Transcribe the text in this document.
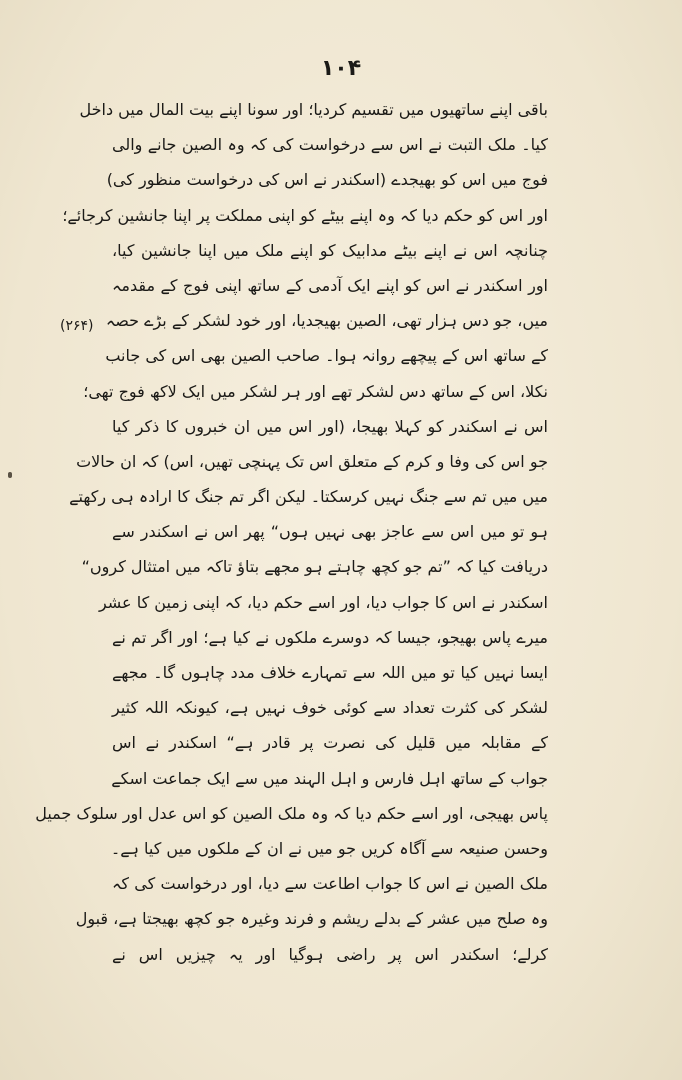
۱۰۴
(۲۶۴)
باقی اپنے ساتھیوں میں تقسیم کردیا؛ اور سونا اپنے بیت المال میں داخل
کیا۔ ملک التبت نے اس سے درخواست کی کہ وہ الصین جانے والی
فوج میں اس کو بھیجدے (اسکندر نے اس کی درخواست منظور کی)
اور اس کو حکم دیا کہ وہ اپنے بیٹے کو اپنی مملکت پر اپنا جانشین کرجائے؛
چنانچہ اس نے اپنے بیٹے مدابیک کو اپنے ملک میں اپنا جانشین کیا،
اور اسکندر نے اس کو اپنے ایک آدمی کے ساتھ اپنی فوج کے مقدمہ
میں، جو دس ہزار تھی، الصین بھیجدیا، اور خود لشکر کے بڑے حصہ
کے ساتھ اس کے پیچھے روانہ ہوا۔ صاحب الصین بھی اس کی جانب
نکلا، اس کے ساتھ دس لشکر تھے اور ہر لشکر میں ایک لاکھ فوج تھی؛
اس نے اسکندر کو کہلا بھیجا، (اور اس میں ان خبروں کا ذکر کیا
جو اس کی وفا و کرم کے متعلق اس تک پہنچی تھیں، اس) کہ ان حالات
میں میں تم سے جنگ نہیں کرسکتا۔ لیکن اگر تم جنگ کا ارادہ ہی رکھتے
ہو تو میں اس سے عاجز بھی نہیں ہوں“ پھر اس نے اسکندر سے
دریافت کیا کہ ”تم جو کچھ چاہتے ہو مجھے بتاؤ تاکہ میں امتثال کروں“
اسکندر نے اس کا جواب دیا، اور اسے حکم دیا، کہ اپنی زمین کا عشر
میرے پاس بھیجو، جیسا کہ دوسرے ملکوں نے کیا ہے؛ اور اگر تم نے
ایسا نہیں کیا تو میں اللہ سے تمہارے خلاف مدد چاہوں گا۔ مجھے
لشکر کی کثرت تعداد سے کوئی خوف نہیں ہے، کیونکہ اللہ کثیر
کے مقابلہ میں قلیل کی نصرت پر قادر ہے“ اسکندر نے اس
جواب کے ساتھ اہل فارس و اہل الہند میں سے ایک جماعت اسکے
پاس بھیجی، اور اسے حکم دیا کہ وہ ملک الصین کو اس عدل اور سلوک جمیل
وحسن صنیعہ سے آگاہ کریں جو میں نے ان کے ملکوں میں کیا ہے۔
ملک الصین نے اس کا جواب اطاعت سے دیا، اور درخواست کی کہ
وہ صلح میں عشر کے بدلے ریشم و فرند وغیرہ جو کچھ بھیجتا ہے، قبول
کرلے؛ اسکندر اس پر راضی ہوگیا اور یہ چیزیں اس نے
